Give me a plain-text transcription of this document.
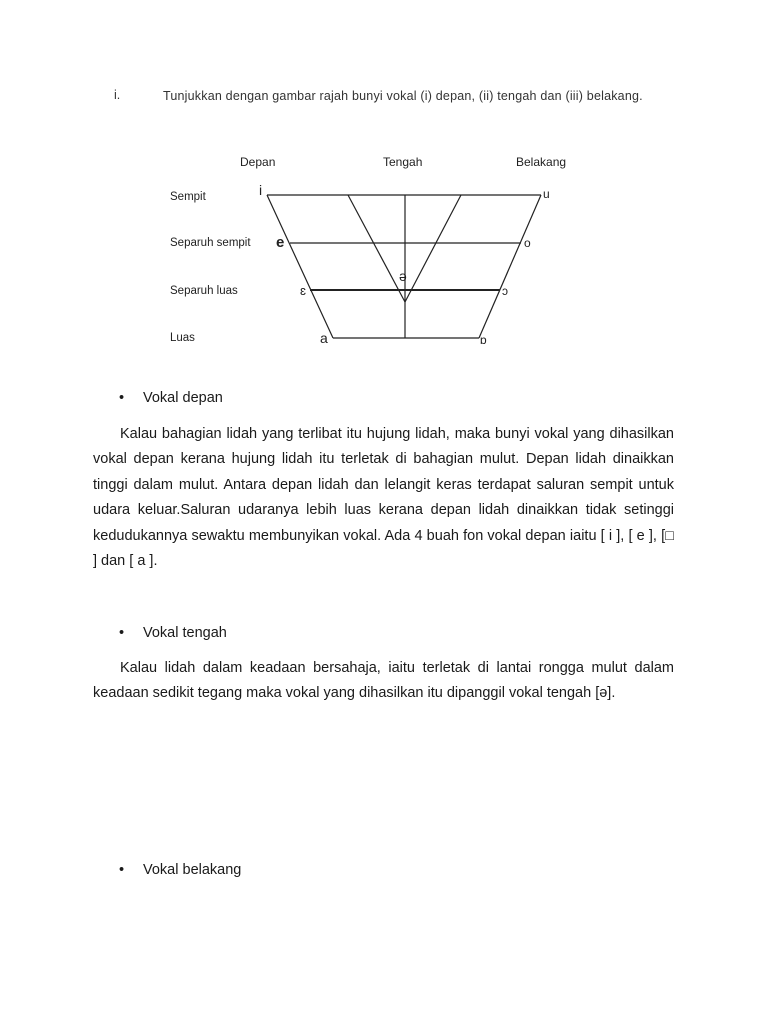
i.	Tunjukkan dengan gambar rajah bunyi vokal (i) depan, (ii) tengah dan (iii) belakang.
Depan	Tengah	Belakang
Sempit
Separuh sempit
Separuh luas
Luas
i
e
ɛ
a
ə
u
o
ɔ
ɒ
• Vokal depan
Kalau bahagian lidah yang terlibat itu hujung lidah, maka bunyi vokal yang dihasilkan vokal depan kerana hujung lidah itu terletak di bahagian mulut. Depan lidah dinaikkan tinggi dalam mulut. Antara depan lidah dan lelangit keras terdapat saluran sempit untuk udara keluar.Saluran udaranya lebih luas kerana depan lidah dinaikkan tidak setinggi kedudukannya sewaktu membunyikan vokal. Ada 4 buah fon vokal depan iaitu [ i ], [ e ], [□ ] dan [ a ].
• Vokal tengah
Kalau lidah dalam keadaan bersahaja, iaitu terletak di lantai rongga mulut dalam keadaan sedikit tegang maka vokal yang dihasilkan itu dipanggil vokal tengah [ə].
• Vokal belakang
